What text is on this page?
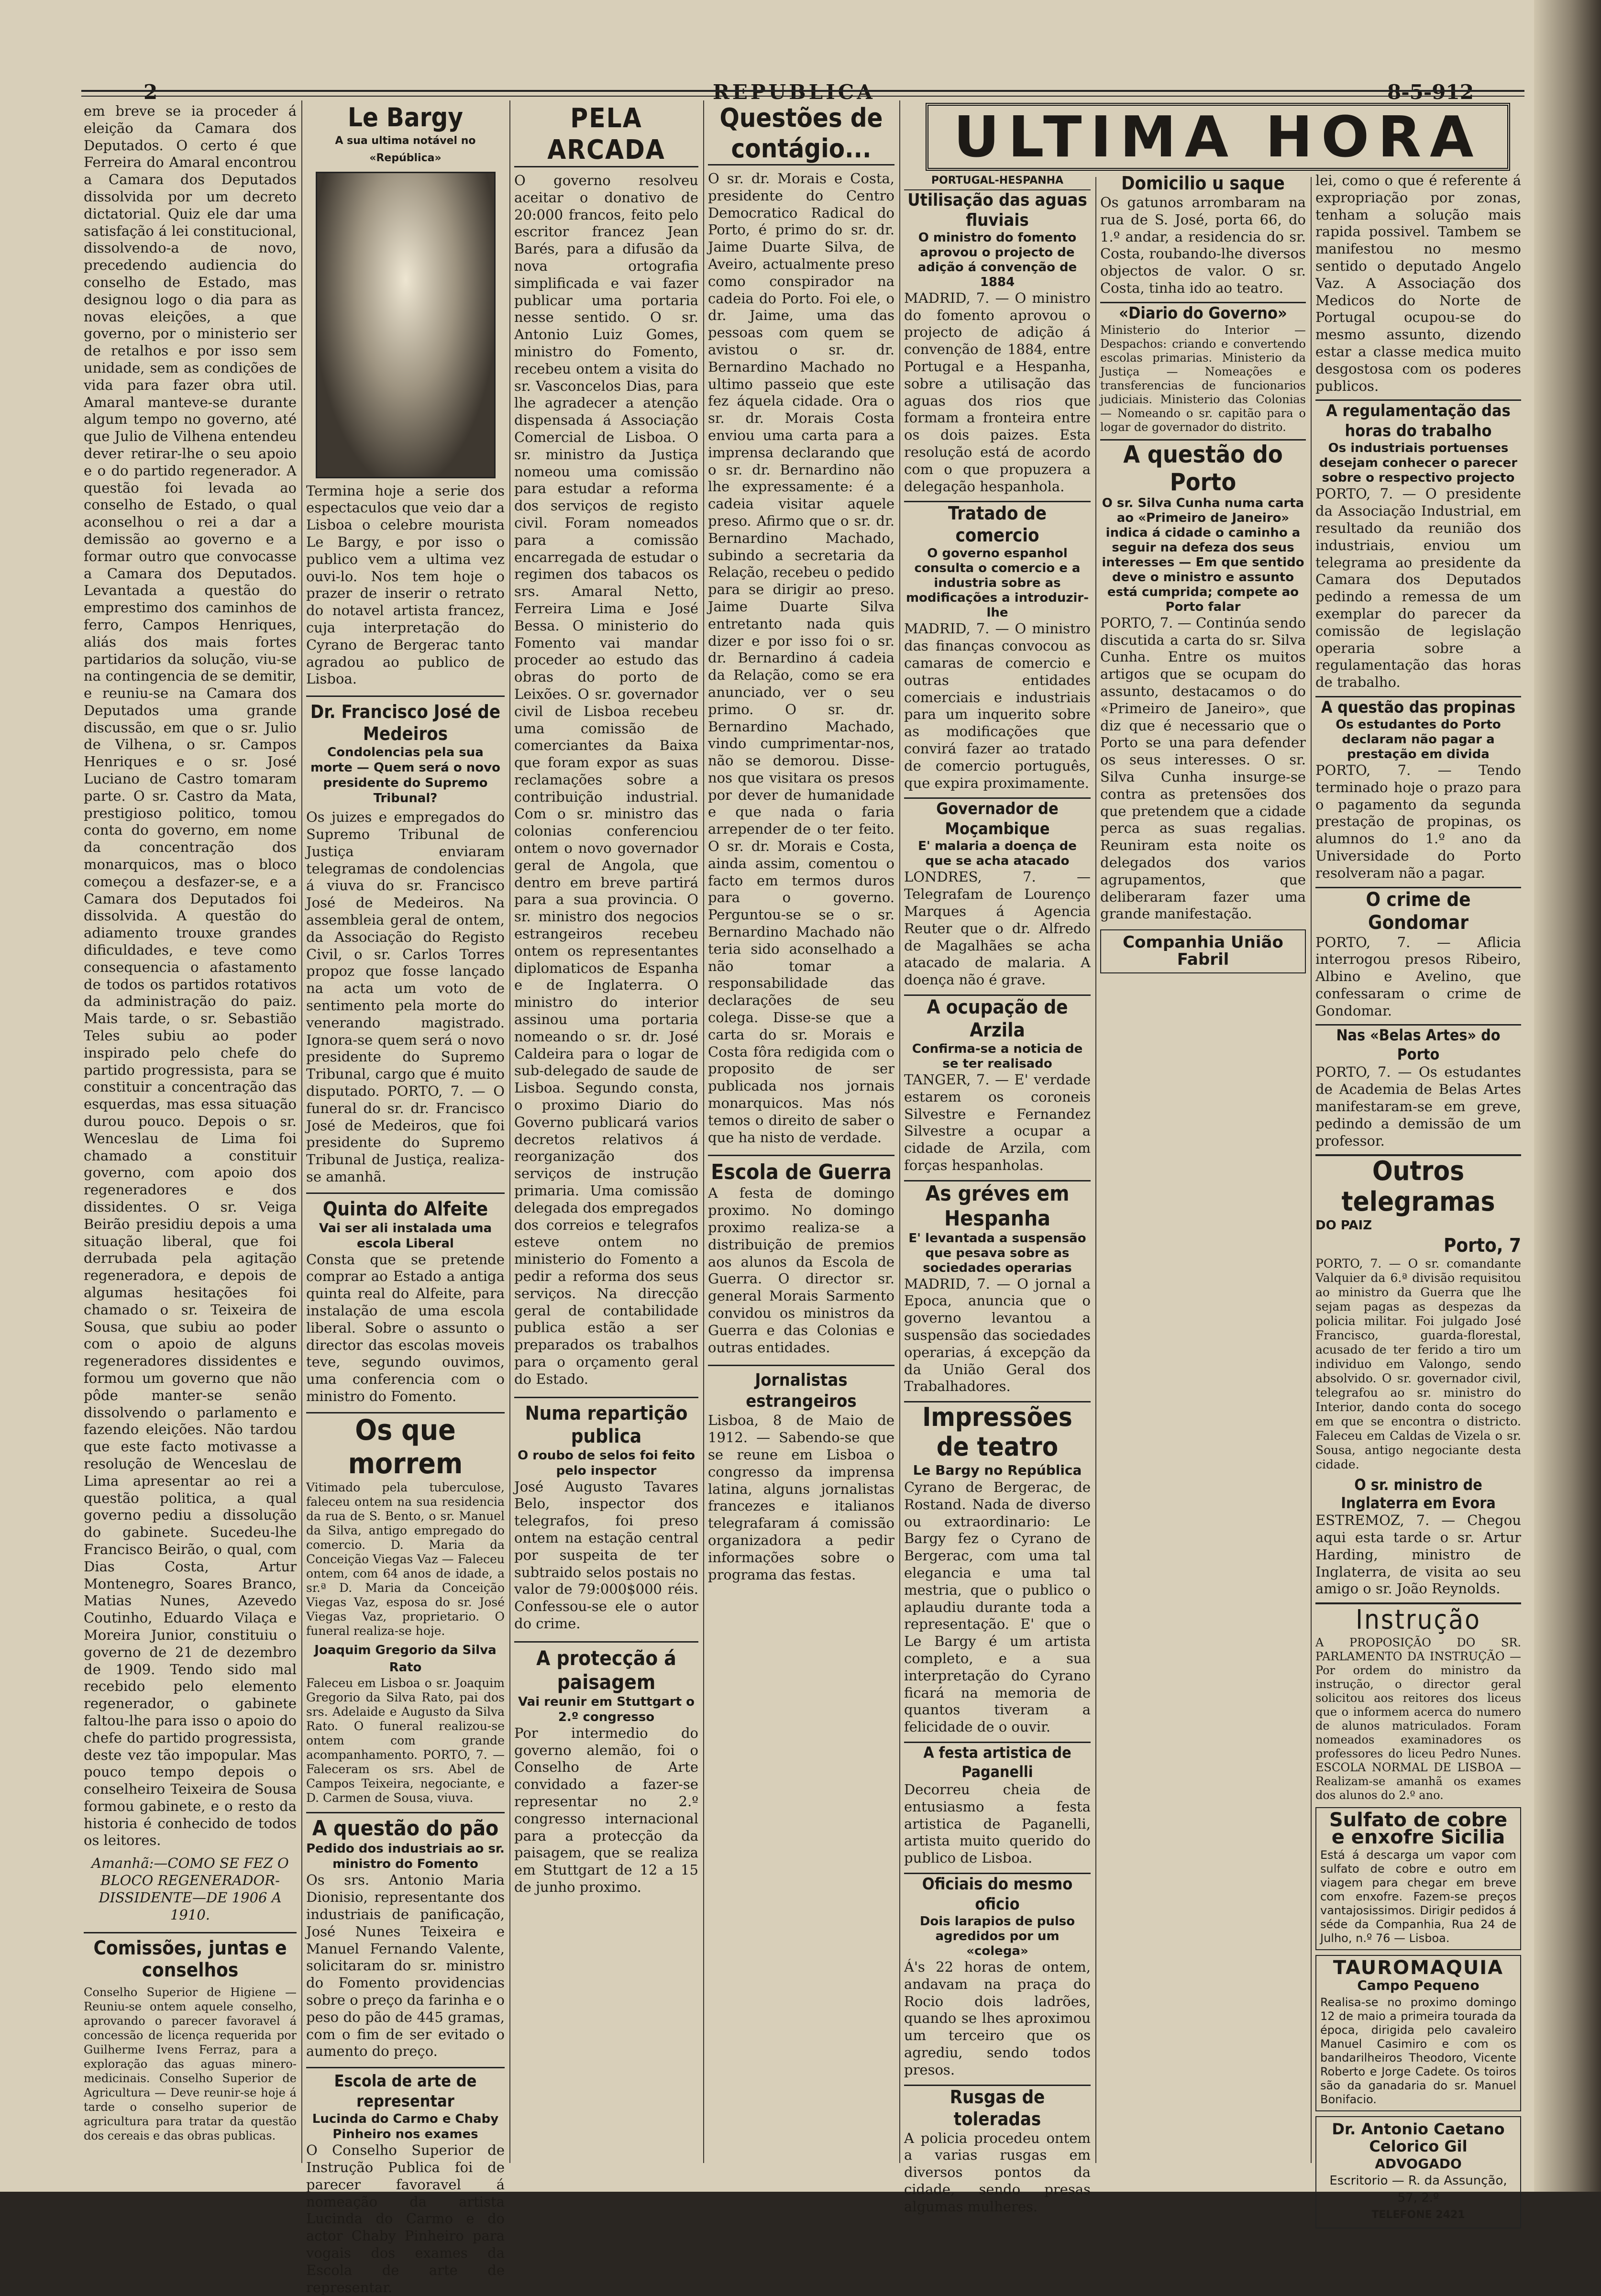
2	REPUBLICA	8-5-912

em breve se ia proceder á eleição da Camara dos Deputados. O certo é que Ferreira do Amaral encontrou a Camara dos Deputados dissolvida por um decreto dictatorial. Quiz ele dar uma satisfação á lei constitucional, dissolvendo-a de novo, precedendo audiencia do conselho de Estado, mas designou logo o dia para as novas eleições, a que governo, por o ministerio ser de retalhos e por isso sem unidade, sem as condições de vida para fazer obra util. Amaral manteve-se durante algum tempo no governo, até que Julio de Vilhena entendeu dever retirar-lhe o seu apoio e o do partido regenerador. A questão foi levada ao conselho de Estado, o qual aconselhou o rei a dar a demissão ao governo e a formar outro que convocasse a Camara dos Deputados. Levantada a questão do emprestimo dos caminhos de ferro, Campos Henriques, aliás dos mais fortes partidarios da solução, viu-se na contingencia de se demitir, e reuniu-se na Camara dos Deputados uma grande discussão, em que o sr. Julio de Vilhena, o sr. Campos Henriques e o sr. José Luciano de Castro tomaram parte. O sr. Castro da Mata, prestigioso politico, tomou conta do governo, em nome da concentração dos monarquicos, mas o bloco começou a desfazer-se, e a Camara dos Deputados foi dissolvida. A questão do adiamento trouxe grandes dificuldades, e teve como consequencia o afastamento de todos os partidos rotativos da administração do paiz. Mais tarde, o sr. Sebastião Teles subiu ao poder inspirado pelo chefe do partido progressista, para se constituir a concentração das esquerdas, mas essa situação durou pouco. Depois o sr. Wenceslau de Lima foi chamado a constituir governo, com apoio dos regeneradores e dos dissidentes. O sr. Veiga Beirão presidiu depois a uma situação liberal, que foi derrubada pela agitação regeneradora, e depois de algumas hesitações foi chamado o sr. Teixeira de Sousa, que subiu ao poder com o apoio de alguns regeneradores dissidentes e formou um governo que não pôde manter-se senão dissolvendo o parlamento e fazendo eleições. Não tardou que este facto motivasse a resolução de Wenceslau de Lima apresentar ao rei a questão politica, a qual governo pediu a dissolução do gabinete. Sucedeu-lhe Francisco Beirão, o qual, com Dias Costa, Artur Montenegro, Soares Branco, Matias Nunes, Azevedo Coutinho, Eduardo Vilaça e Moreira Junior, constituiu o governo de 21 de dezembro de 1909. Tendo sido mal recebido pelo elemento regenerador, o gabinete faltou-lhe para isso o apoio do chefe do partido progressista, deste vez tão impopular. Mas pouco tempo depois o conselheiro Teixeira de Sousa formou gabinete, e o resto da historia é conhecido de todos os leitores.

Amanhã:—COMO SE FEZ O BLOCO REGENERADOR-DISSIDENTE—DE 1906 A 1910.

Comissões, juntas e conselhos

Conselho Superior de Higiene — Reuniu-se ontem aquele conselho, aprovando o parecer favoravel á concessão de licença requerida por Guilherme Ivens Ferraz, para a exploração das aguas minero-medicinais. Conselho Superior de Agricultura — Deve reunir-se hoje á tarde o conselho superior de agricultura para tratar da questão dos cereais e das obras publicas.

Le Bargy
A sua ultima notável no «República»

Termina hoje a serie dos espectaculos que veio dar a Lisboa o celebre mourista Le Bargy, e por isso o publico vem a ultima vez ouvi-lo. Nos tem hoje o prazer de inserir o retrato do notavel artista francez, cuja interpretação do Cyrano de Bergerac tanto agradou ao publico de Lisboa.

Dr. Francisco José de Medeiros
Condolencias pela sua morte — Quem será o novo presidente do Supremo Tribunal?

Os juizes e empregados do Supremo Tribunal de Justiça enviaram telegramas de condolencias á viuva do sr. Francisco José de Medeiros. Na assembleia geral de ontem, da Associação do Registo Civil, o sr. Carlos Torres propoz que fosse lançado na acta um voto de sentimento pela morte do venerando magistrado. Ignora-se quem será o novo presidente do Supremo Tribunal, cargo que é muito disputado. PORTO, 7. — O funeral do sr. dr. Francisco José de Medeiros, que foi presidente do Supremo Tribunal de Justiça, realiza-se amanhã.

Quinta do Alfeite
Vai ser ali instalada uma escola Liberal

Consta que se pretende comprar ao Estado a antiga quinta real do Alfeite, para instalação de uma escola liberal. Sobre o assunto o director das escolas moveis teve, segundo ouvimos, uma conferencia com o ministro do Fomento.

Os que morrem

Vitimado pela tuberculose, faleceu ontem na sua residencia da rua de S. Bento, o sr. Manuel da Silva, antigo empregado do comercio. D. Maria da Conceição Viegas Vaz — Faleceu ontem, com 64 anos de idade, a sr.ª D. Maria da Conceição Viegas Vaz, esposa do sr. José Viegas Vaz, proprietario. O funeral realiza-se hoje.

Joaquim Gregorio da Silva Rato

Faleceu em Lisboa o sr. Joaquim Gregorio da Silva Rato, pai dos srs. Adelaide e Augusto da Silva Rato. O funeral realizou-se ontem com grande acompanhamento. PORTO, 7. — Faleceram os srs. Abel de Campos Teixeira, negociante, e D. Carmen de Sousa, viuva.

A questão do pão
Pedido dos industriais ao sr. ministro do Fomento

Os srs. Antonio Maria Dionisio, representante dos industriais de panificação, José Nunes Teixeira e Manuel Fernando Valente, solicitaram do sr. ministro do Fomento providencias sobre o preço da farinha e o peso do pão de 445 gramas, com o fim de ser evitado o aumento do preço.

Escola de arte de representar
Lucinda do Carmo e Chaby Pinheiro nos exames

O Conselho Superior de Instrução Publica foi de parecer favoravel á nomeação da artista Lucinda do Carmo e do actor Chaby Pinheiro para vogais dos exames da Escola de arte de representar.

PELA ARCADA

O governo resolveu aceitar o donativo de 20:000 francos, feito pelo escritor francez Jean Barés, para a difusão da nova ortografia simplificada e vai fazer publicar uma portaria nesse sentido. O sr. Antonio Luiz Gomes, ministro do Fomento, recebeu ontem a visita do sr. Vasconcelos Dias, para lhe agradecer a atenção dispensada á Associação Comercial de Lisboa. O sr. ministro da Justiça nomeou uma comissão para estudar a reforma dos serviços de registo civil. Foram nomeados para a comissão encarregada de estudar o regimen dos tabacos os srs. Amaral Netto, Ferreira Lima e José Bessa. O ministerio do Fomento vai mandar proceder ao estudo das obras do porto de Leixões. O sr. governador civil de Lisboa recebeu uma comissão de comerciantes da Baixa que foram expor as suas reclamações sobre a contribuição industrial. Com o sr. ministro das colonias conferenciou ontem o novo governador geral de Angola, que dentro em breve partirá para a sua provincia. O sr. ministro dos negocios estrangeiros recebeu ontem os representantes diplomaticos de Espanha e de Inglaterra. O ministro do interior assinou uma portaria nomeando o sr. dr. José Caldeira para o logar de sub-delegado de saude de Lisboa. Segundo consta, o proximo Diario do Governo publicará varios decretos relativos á reorganização dos serviços de instrução primaria. Uma comissão delegada dos empregados dos correios e telegrafos esteve ontem no ministerio do Fomento a pedir a reforma dos seus serviços. Na direcção geral de contabilidade publica estão a ser preparados os trabalhos para o orçamento geral do Estado.

Numa repartição publica
O roubo de selos foi feito pelo inspector

José Augusto Tavares Belo, inspector dos telegrafos, foi preso ontem na estação central por suspeita de ter subtraido selos postais no valor de 79:000$000 réis. Confessou-se ele o autor do crime.

A protecção á paisagem
Vai reunir em Stuttgart o 2.º congresso

Por intermedio do governo alemão, foi o Conselho de Arte convidado a fazer-se representar no 2.º congresso internacional para a protecção da paisagem, que se realiza em Stuttgart de 12 a 15 de junho proximo.

Questões de contágio...

O sr. dr. Morais e Costa, presidente do Centro Democratico Radical do Porto, é primo do sr. dr. Jaime Duarte Silva, de Aveiro, actualmente preso como conspirador na cadeia do Porto. Foi ele, o dr. Jaime, uma das pessoas com quem se avistou o sr. dr. Bernardino Machado no ultimo passeio que este fez áquela cidade. Ora o sr. dr. Morais Costa enviou uma carta para a imprensa declarando que o sr. dr. Bernardino não lhe expressamente: é a cadeia visitar aquele preso. Afirmo que o sr. dr. Bernardino Machado, subindo a secretaria da Relação, recebeu o pedido para se dirigir ao preso. Jaime Duarte Silva entretanto nada quis dizer e por isso foi o sr. dr. Bernardino á cadeia da Relação, como se era anunciado, ver o seu primo. O sr. dr. Bernardino Machado, vindo cumprimentar-nos, não se demorou. Disse-nos que visitara os presos por dever de humanidade e que nada o faria arrepender de o ter feito. O sr. dr. Morais e Costa, ainda assim, comentou o facto em termos duros para o governo. Perguntou-se se o sr. Bernardino Machado não teria sido aconselhado a não tomar a responsabilidade das declarações de seu colega. Disse-se que a carta do sr. Morais e Costa fôra redigida com o proposito de ser publicada nos jornais monarquicos. Mas nós temos o direito de saber o que ha nisto de verdade.

Escola de Guerra

A festa de domingo proximo. No domingo proximo realiza-se a distribuição de premios aos alunos da Escola de Guerra. O director sr. general Morais Sarmento convidou os ministros da Guerra e das Colonias e outras entidades.

Jornalistas estrangeiros

Lisboa, 8 de Maio de 1912. — Sabendo-se que se reune em Lisboa o congresso da imprensa latina, alguns jornalistas francezes e italianos telegrafaram á comissão organizadora a pedir informações sobre o programa das festas.

ULTIMA HORA
PORTUGAL-HESPANHA
Utilisação das aguas fluviais
O ministro do fomento aprovou o projecto de adição á convenção de 1884

MADRID, 7. — O ministro do fomento aprovou o projecto de adição á convenção de 1884, entre Portugal e a Hespanha, sobre a utilisação das aguas dos rios que formam a fronteira entre os dois paizes. Esta resolução está de acordo com o que propuzera a delegação hespanhola.

Tratado de comercio
O governo espanhol consulta o comercio e a industria sobre as modificações a introduzir-lhe

MADRID, 7. — O ministro das finanças convocou as camaras de comercio e outras entidades comerciais e industriais para um inquerito sobre as modificações que convirá fazer ao tratado de comercio português, que expira proximamente.

Governador de Moçambique
E' malaria a doença de que se acha atacado

LONDRES, 7. — Telegrafam de Lourenço Marques á Agencia Reuter que o dr. Alfredo de Magalhães se acha atacado de malaria. A doença não é grave.

A ocupação de Arzila
Confirma-se a noticia de se ter realisado

TANGER, 7. — E' verdade estarem os coroneis Silvestre e Fernandez Silvestre a ocupar a cidade de Arzila, com forças hespanholas.

As gréves em Hespanha
E' levantada a suspensão que pesava sobre as sociedades operarias

MADRID, 7. — O jornal a Epoca, anuncia que o governo levantou a suspensão das sociedades operarias, á excepção da da União Geral dos Trabalhadores.

Impressões de teatro
Le Bargy no República

Cyrano de Bergerac, de Rostand. Nada de diverso ou extraordinario: Le Bargy fez o Cyrano de Bergerac, com uma tal elegancia e uma tal mestria, que o publico o aplaudiu durante toda a representação. E' que o Le Bargy é um artista completo, e a sua interpretação do Cyrano ficará na memoria de quantos tiveram a felicidade de o ouvir.

A festa artistica de Paganelli

Decorreu cheia de entusiasmo a festa artistica de Paganelli, artista muito querido do publico de Lisboa.

Oficiais do mesmo oficio
Dois larapios de pulso agredidos por um «colega»

Á's 22 horas de ontem, andavam na praça do Rocio dois ladrões, quando se lhes aproximou um terceiro que os agrediu, sendo todos presos.

Rusgas de toleradas

A policia procedeu ontem a varias rusgas em diversos pontos da cidade, sendo presas algumas mulheres.

Domicilio u saque

Os gatunos arrombaram na rua de S. José, porta 66, do 1.º andar, a residencia do sr. Costa, roubando-lhe diversos objectos de valor. O sr. Costa, tinha ido ao teatro.

«Diario do Governo»

Ministerio do Interior — Despachos: criando e convertendo escolas primarias. Ministerio da Justiça — Nomeações e transferencias de funcionarios judiciais. Ministerio das Colonias — Nomeando o sr. capitão para o logar de governador do distrito.

A questão do Porto
O sr. Silva Cunha numa carta ao «Primeiro de Janeiro» indica á cidade o caminho a seguir na defeza dos seus interesses — Em que sentido deve o ministro e assunto está cumprida; compete ao Porto falar

PORTO, 7. — Continúa sendo discutida a carta do sr. Silva Cunha. Entre os muitos artigos que se ocupam do assunto, destacamos o do «Primeiro de Janeiro», que diz que é necessario que o Porto se una para defender os seus interesses. O sr. Silva Cunha insurge-se contra as pretensões dos que pretendem que a cidade perca as suas regalias. Reuniram esta noite os delegados dos varios agrupamentos, que deliberaram fazer uma grande manifestação.

Companhia União Fabril

lei, como o que é referente á expropriação por zonas, tenham a solução mais rapida possivel. Tambem se manifestou no mesmo sentido o deputado Angelo Vaz. A Associação dos Medicos do Norte de Portugal ocupou-se do mesmo assunto, dizendo estar a classe medica muito desgostosa com os poderes publicos.

A regulamentação das horas do trabalho
Os industriais portuenses desejam conhecer o parecer sobre o respectivo projecto

PORTO, 7. — O presidente da Associação Industrial, em resultado da reunião dos industriais, enviou um telegrama ao presidente da Camara dos Deputados pedindo a remessa de um exemplar do parecer da comissão de legislação operaria sobre a regulamentação das horas de trabalho.

A questão das propinas
Os estudantes do Porto declaram não pagar a prestação em divida

PORTO, 7. — Tendo terminado hoje o prazo para o pagamento da segunda prestação de propinas, os alumnos do 1.º ano da Universidade do Porto resolveram não a pagar.

O crime de Gondomar

PORTO, 7. — Aflicia interrogou presos Ribeiro, Albino e Avelino, que confessaram o crime de Gondomar.

Nas «Belas Artes» do Porto

PORTO, 7. — Os estudantes de Academia de Belas Artes manifestaram-se em greve, pedindo a demissão de um professor.

Outros telegramas
DO PAIZ
Porto, 7

PORTO, 7. — O sr. comandante Valquier da 6.ª divisão requisitou ao ministro da Guerra que lhe sejam pagas as despezas da policia militar. Foi julgado José Francisco, guarda-florestal, acusado de ter ferido a tiro um individuo em Valongo, sendo absolvido. O sr. governador civil, telegrafou ao sr. ministro do Interior, dando conta do socego em que se encontra o districto. Faleceu em Caldas de Vizela o sr. Sousa, antigo negociante desta cidade.

O sr. ministro de Inglaterra em Evora

ESTREMOZ, 7. — Chegou aqui esta tarde o sr. Artur Harding, ministro de Inglaterra, de visita ao seu amigo o sr. João Reynolds.

Instrução

A PROPOSIÇÃO DO SR. PARLAMENTO DA INSTRUÇÃO — Por ordem do ministro da instrução, o director geral solicitou aos reitores dos liceus que o informem acerca do numero de alunos matriculados. Foram nomeados examinadores os professores do liceu Pedro Nunes. ESCOLA NORMAL DE LISBOA — Realizam-se amanhã os exames dos alunos do 2.º ano.

Sulfato de cobre
e enxofre Sicilia

Está á descarga um vapor com sulfato de cobre e outro em viagem para chegar em breve com enxofre. Fazem-se preços vantajosissimos. Dirigir pedidos á séde da Companhia, Rua 24 de Julho, n.º 76 — Lisboa.

TAUROMAQUIA
Campo Pequeno

Realisa-se no proximo domingo 12 de maio a primeira tourada da época, dirigida pelo cavaleiro Manuel Casimiro e com os bandarilheiros Theodoro, Vicente Roberto e Jorge Cadete. Os toiros são da ganadaria do sr. Manuel Bonifacio.

Dr. Antonio Caetano Celorico Gil
ADVOGADO
Escritorio — R. da Assunção, 57, 2.º
TELEFONE 2421
